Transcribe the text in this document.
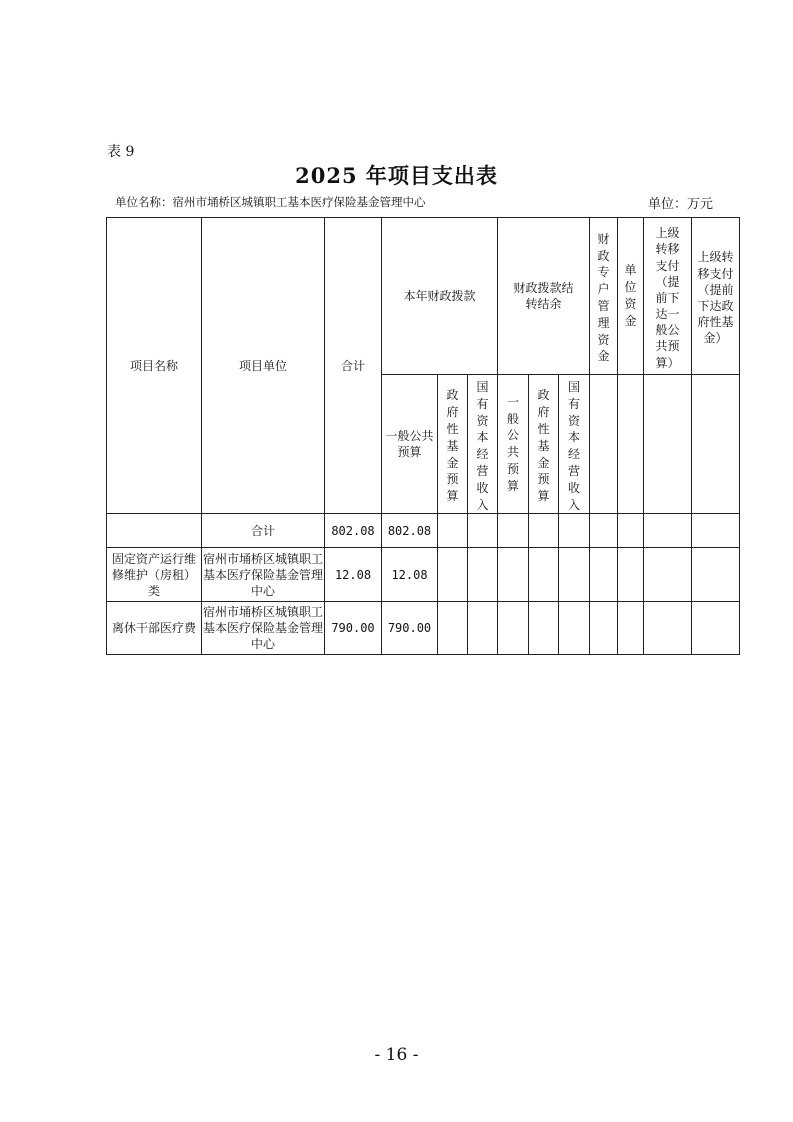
表 9
2025 年项目支出表
单位名称：宿州市埇桥区城镇职工基本医疗保险基金管理中心	单位：万元
项目名称	项目单位	合计	本年财政拨款			财政拨款结转结余			财政专户管理资金	单位资金	上级转移支付（提前下达一般公共预算）	上级转移支付（提前下达政府性基金）
			一般公共预算	政府性基金预算	国有资本经营收入	一般公共预算	政府性基金预算	国有资本经营收入				
	合计	802.08	802.08									
固定资产运行维修维护（房租）类	宿州市埇桥区城镇职工基本医疗保险基金管理中心	12.08	12.08									
离休干部医疗费	宿州市埇桥区城镇职工基本医疗保险基金管理中心	790.00	790.00									
- 16 -
